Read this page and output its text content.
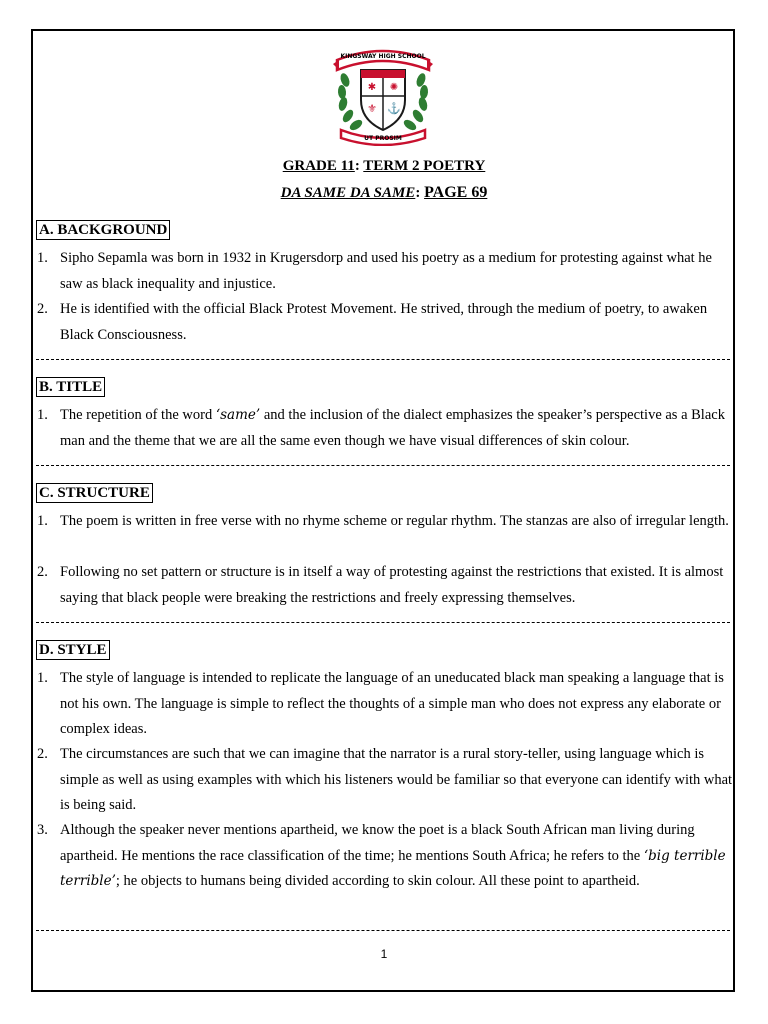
KINGSWAY HIGH SCHOOL
✱ ✺
⚜ ⚓
UT PROSIM
GRADE 11: TERM 2 POETRY
DA SAME DA SAME: PAGE 69
A. BACKGROUND
1. Sipho Sepamla was born in 1932 in Krugersdorp and used his poetry as a medium for protesting against what he saw as black inequality and injustice.
2. He is identified with the official Black Protest Movement. He strived, through the medium of poetry, to awaken Black Consciousness.
B. TITLE
1. The repetition of the word ‘same’ and the inclusion of the dialect emphasizes the speaker’s perspective as a Black man and the theme that we are all the same even though we have visual differences of skin colour.
C. STRUCTURE
1. The poem is written in free verse with no rhyme scheme or regular rhythm. The stanzas are also of irregular length.
2. Following no set pattern or structure is in itself a way of protesting against the restrictions that existed. It is almost saying that black people were breaking the restrictions and freely expressing themselves.
D. STYLE
1. The style of language is intended to replicate the language of an uneducated black man speaking a language that is not his own. The language is simple to reflect the thoughts of a simple man who does not express any elaborate or complex ideas.
2. The circumstances are such that we can imagine that the narrator is a rural story-teller, using language which is simple as well as using examples with which his listeners would be familiar so that everyone can identify with what is being said.
3. Although the speaker never mentions apartheid, we know the poet is a black South African man living during apartheid. He mentions the race classification of the time; he mentions South Africa; he refers to the ‘big terrible terrible’; he objects to humans being divided according to skin colour. All these point to apartheid.
1
